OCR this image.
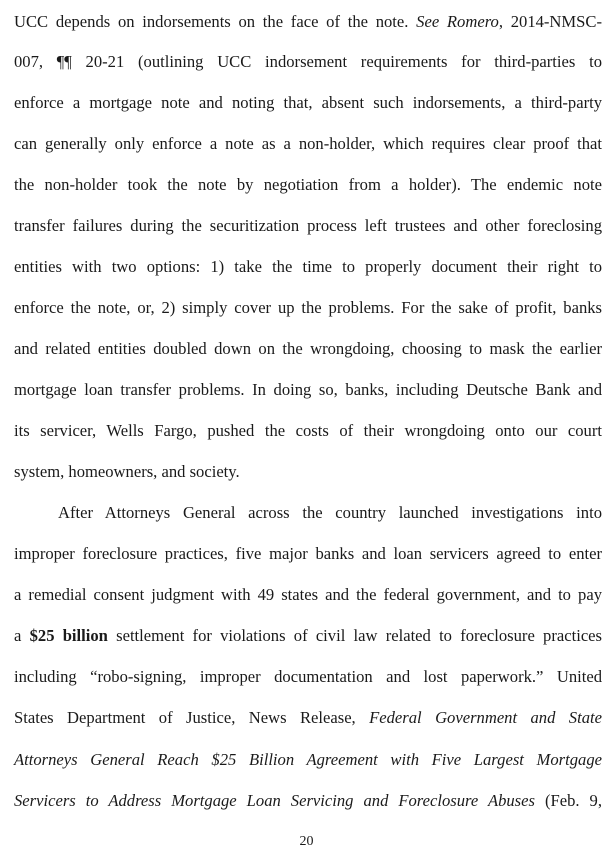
UCC depends on indorsements on the face of the note. See Romero, 2014-NMSC-
007, ¶¶ 20-21 (outlining UCC indorsement requirements for third-parties to
enforce a mortgage note and noting that, absent such indorsements, a third-party
can generally only enforce a note as a non-holder, which requires clear proof that
the non-holder took the note by negotiation from a holder). The endemic note
transfer failures during the securitization process left trustees and other foreclosing
entities with two options: 1) take the time to properly document their right to
enforce the note, or, 2) simply cover up the problems. For the sake of profit, banks
and related entities doubled down on the wrongdoing, choosing to mask the earlier
mortgage loan transfer problems. In doing so, banks, including Deutsche Bank and
its servicer, Wells Fargo, pushed the costs of their wrongdoing onto our court
system, homeowners, and society.
After Attorneys General across the country launched investigations into
improper foreclosure practices, five major banks and loan servicers agreed to enter
a remedial consent judgment with 49 states and the federal government, and to pay
a $25 billion settlement for violations of civil law related to foreclosure practices
including “robo-signing, improper documentation and lost paperwork.” United
States Department of Justice, News Release, Federal Government and State
Attorneys General Reach $25 Billion Agreement with Five Largest Mortgage
Servicers to Address Mortgage Loan Servicing and Foreclosure Abuses (Feb. 9,
20
